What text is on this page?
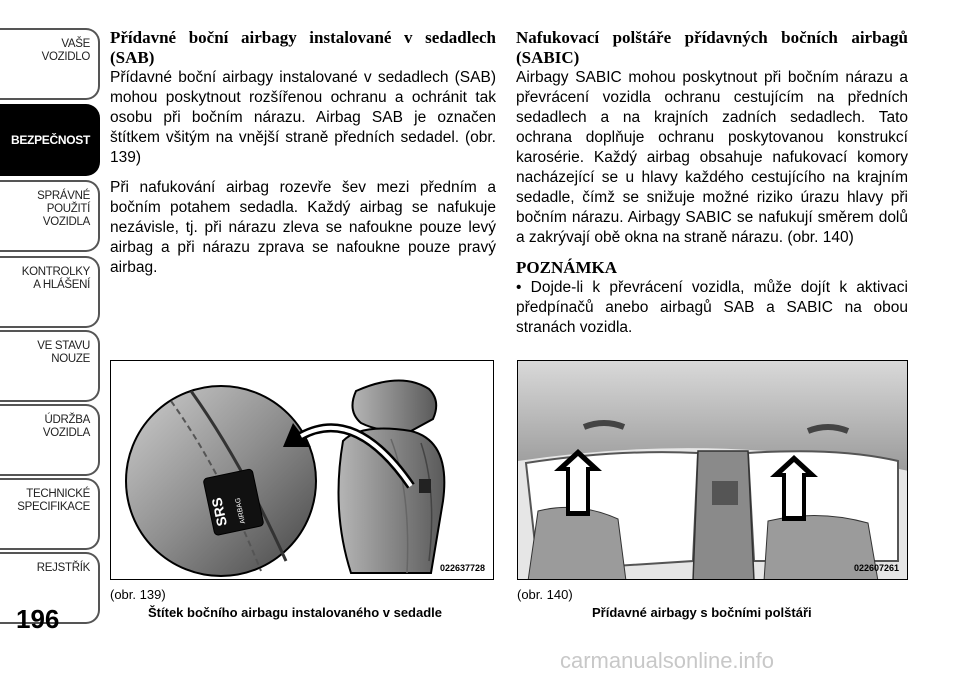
VAŠE
VOZIDLO
BEZPEČNOST
SPRÁVNÉ
POUŽITÍ
VOZIDLA
KONTROLKY
A HLÁŠENÍ
VE STAVU
NOUZE
ÚDRŽBA
VOZIDLA
TECHNICKÉ
SPECIFIKACE
REJSTŘÍK
196

Přídavné boční airbagy instalované v sedadlech (SAB)

Přídavné boční airbagy instalované v sedadlech (SAB) mohou poskytnout rozšířenou ochranu a ochránit tak osobu při bočním nárazu. Airbag SAB je označen štítkem všitým na vnější straně předních sedadel. (obr. 139)

Při nafukování airbag rozevře šev mezi předním a bočním potahem sedadla. Každý airbag se nafukuje nezávisle, tj. při nárazu zleva se nafoukne pouze levý airbag a při nárazu zprava se nafoukne pouze pravý airbag.

Nafukovací polštáře přídavných bočních airbagů (SABIC)

Airbagy SABIC mohou poskytnout při bočním nárazu a převrácení vozidla ochranu cestujícím na předních sedadlech a na krajních zadních sedadlech. Tato ochrana doplňuje ochranu poskytovanou konstrukcí karosérie. Každý airbag obsahuje nafukovací komory nacházející se u hlavy každého cestujícího na krajním sedadle, čímž se snižuje možné riziko úrazu hlavy při bočním nárazu. Airbagy SABIC se nafukují směrem dolů a zakrývají obě okna na straně nárazu. (obr. 140)

POZNÁMKA

• Dojde-li k převrácení vozidla, může dojít k aktivaci předpínačů anebo airbagů SAB a SABIC na obou stranách vozidla.

SRS AIRBAG
022637728	022607261
(obr. 139)
Štítek bočního airbagu instalovaného v sedadle
(obr. 140)
Přídavné airbagy s bočními polštáři
carmanualsonline.info
